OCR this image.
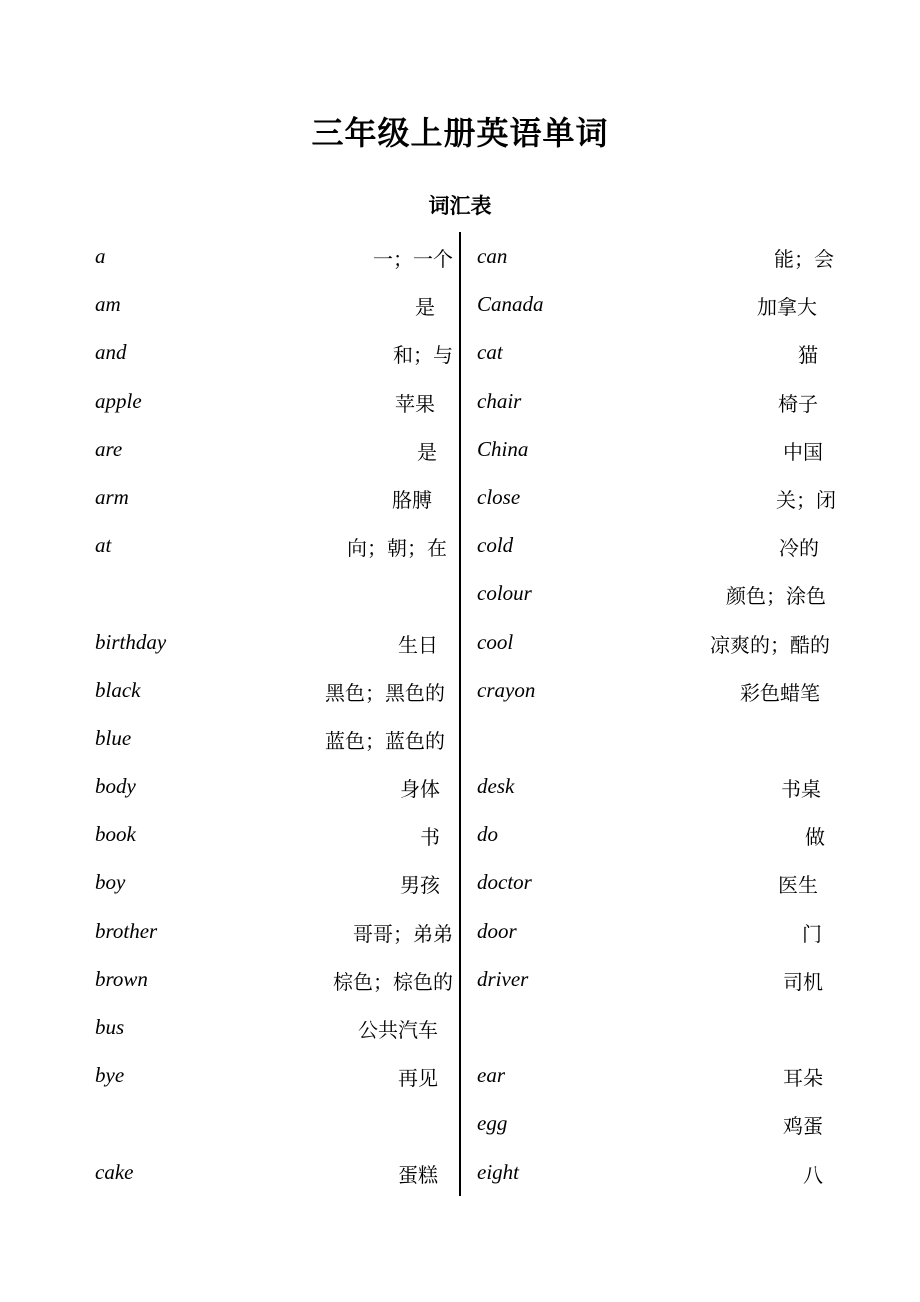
三年级上册英语单词
词汇表
a	一；一个
am	是
and	和；与
apple	苹果
are	是
arm	胳膊
at	向；朝；在
birthday	生日
black	黑色；黑色的
blue	蓝色；蓝色的
body	身体
book	书
boy	男孩
brother	哥哥；弟弟
brown	棕色；棕色的
bus	公共汽车
bye	再见
cake	蛋糕
can	能；会
Canada	加拿大
cat	猫
chair	椅子
China	中国
close	关；闭
cold	冷的
colour	颜色；涂色
cool	凉爽的；酷的
crayon	彩色蜡笔
desk	书桌
do	做
doctor	医生
door	门
driver	司机
ear	耳朵
egg	鸡蛋
eight	八
